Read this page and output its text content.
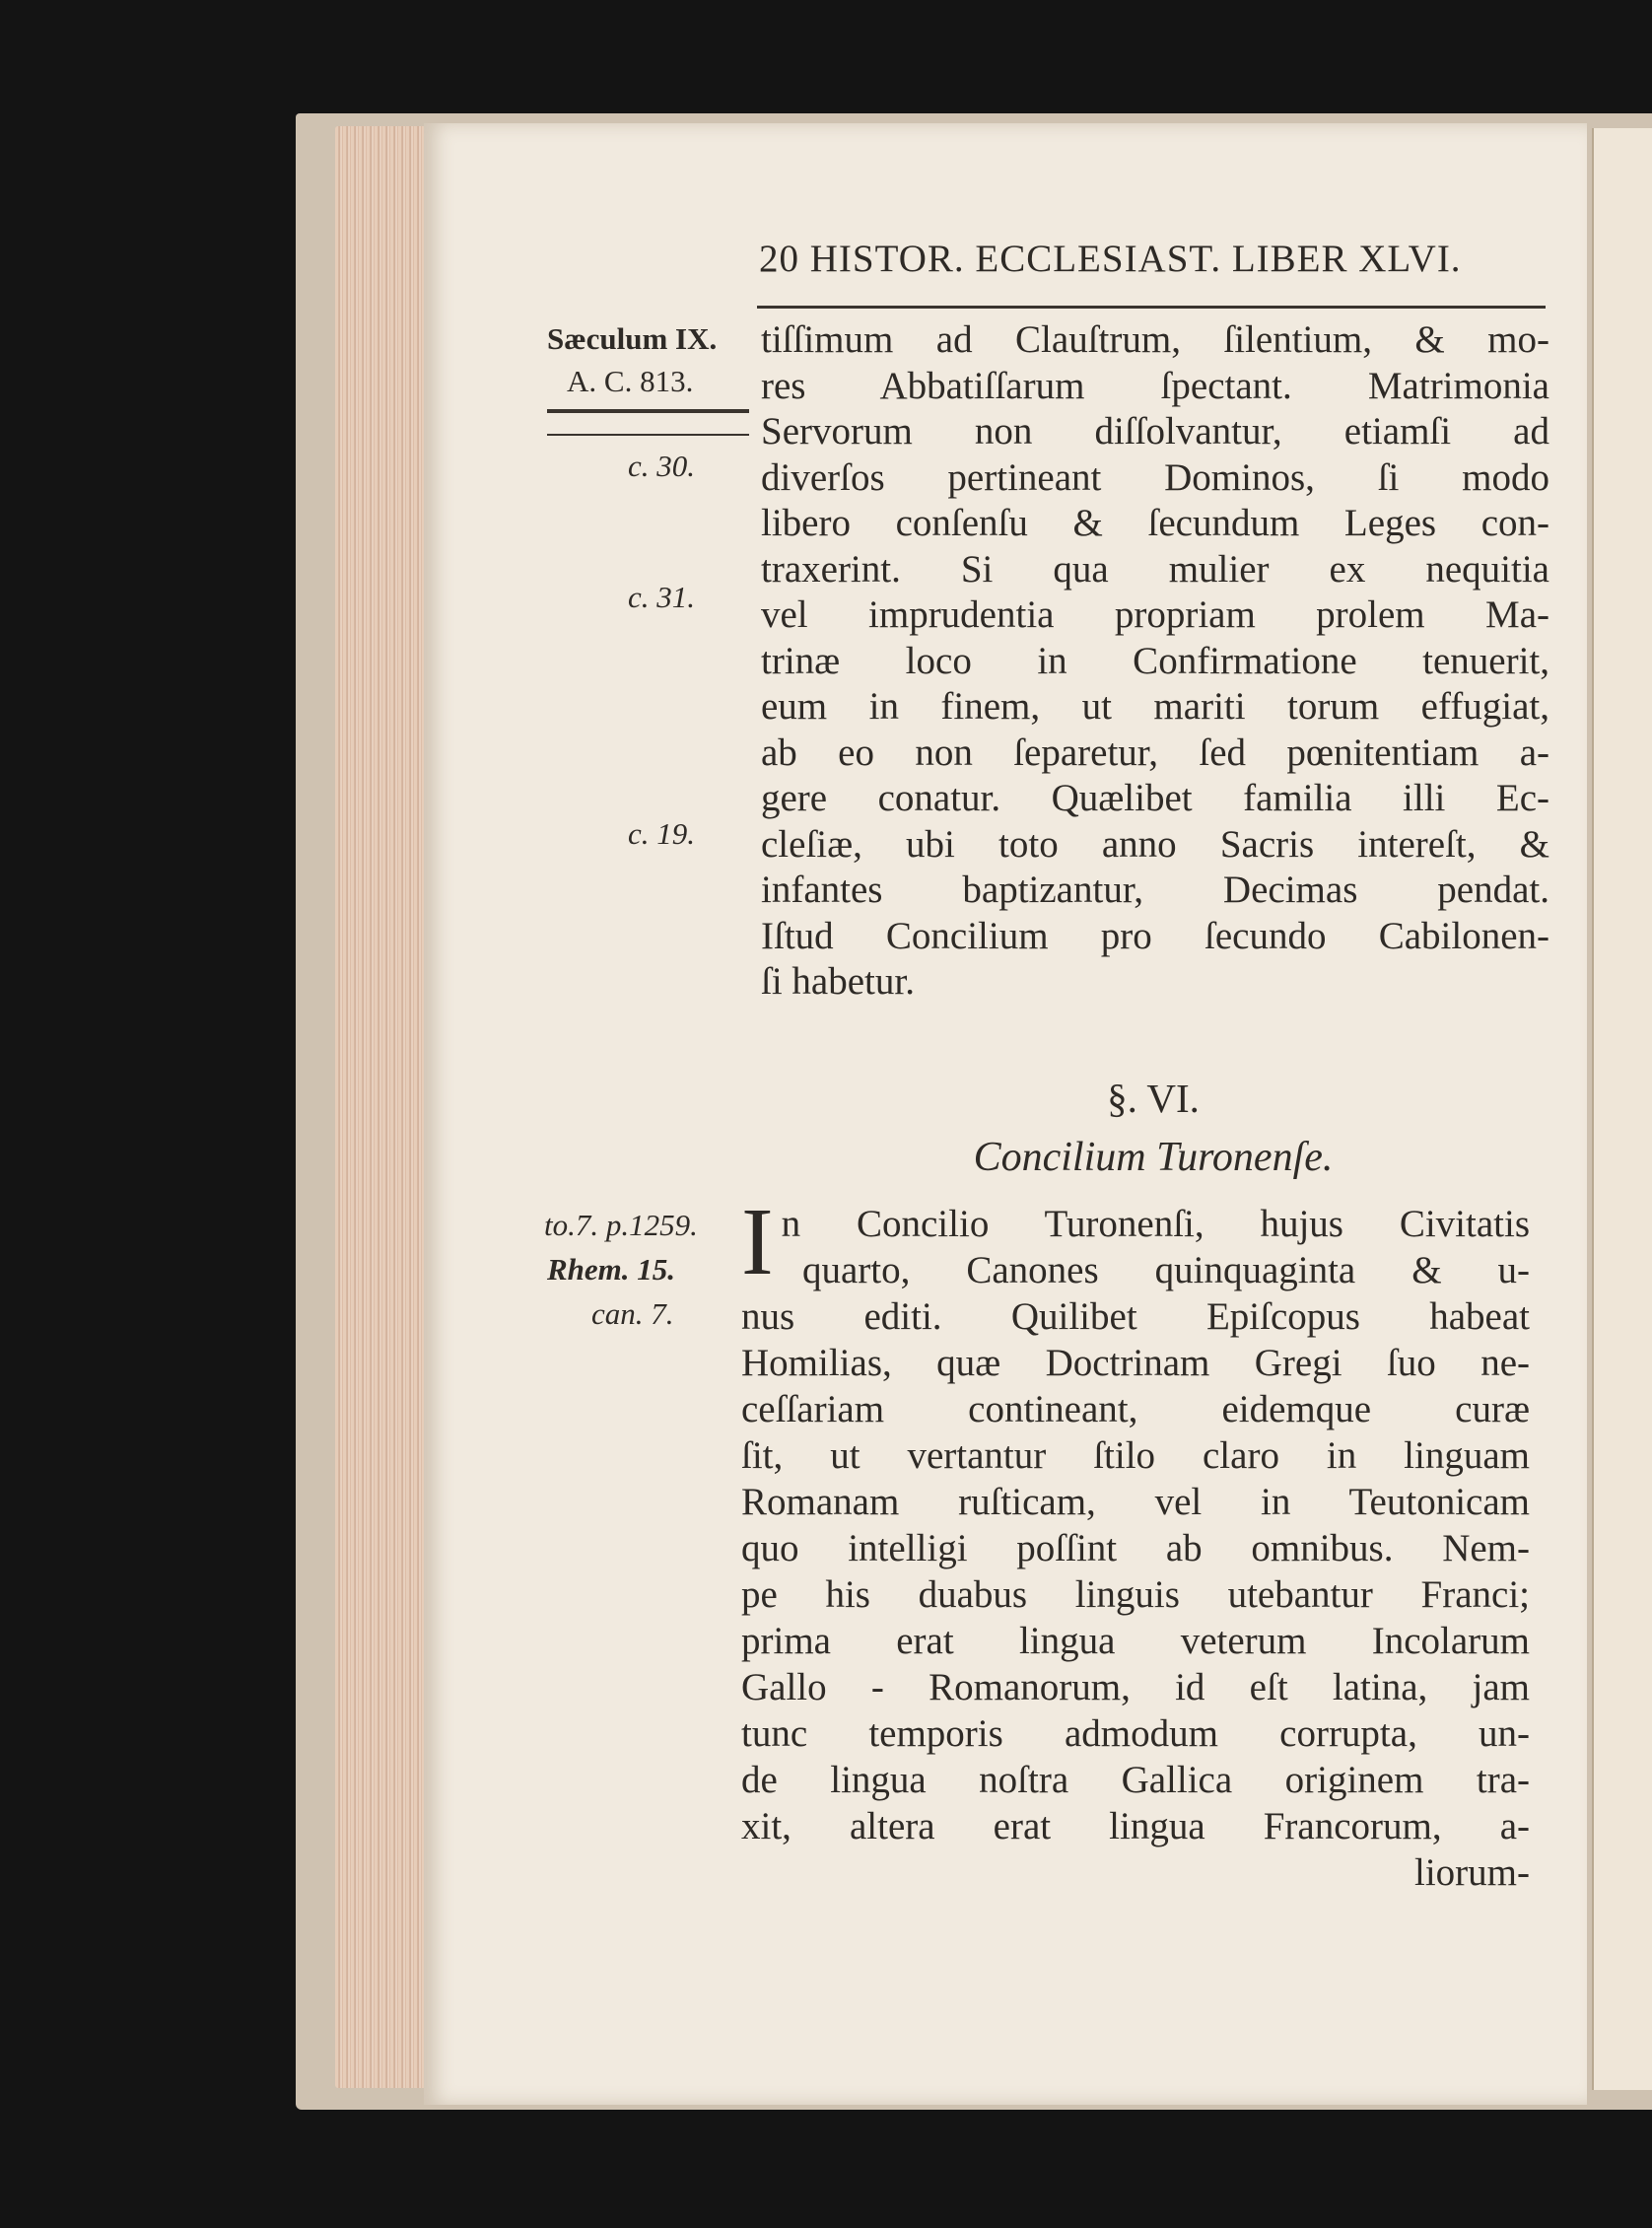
20 HISTOR. ECCLESIAST. LIBER XLVI.
Sæculum IX.
A. C. 813.
c. 30.
c. 31.
c. 19.
to.7. p.1259.
Rhem. 15.
can. 7.
tiſſimum ad Clauſtrum, ſilentium, & mo-
res Abbatiſſarum ſpectant. Matrimonia
Servorum non diſſolvantur, etiamſi ad
diverſos pertineant Dominos, ſi modo
libero conſenſu & ſecundum Leges con-
traxerint. Si qua mulier ex nequitia
vel imprudentia propriam prolem Ma-
trinæ loco in Confirmatione tenuerit,
eum in finem, ut mariti torum effugiat,
ab eo non ſeparetur, ſed pœnitentiam a-
gere conatur. Quælibet familia illi Ec-
cleſiæ, ubi toto anno Sacris intereſt, &
infantes baptizantur, Decimas pendat.
Iſtud Concilium pro ſecundo Cabilonen-
ſi habetur.
§. VI.
Concilium Turonenſe.
I n Concilio Turonenſi, hujus Civitatis
quarto, Canones quinquaginta & u-
nus editi. Quilibet Epiſcopus habeat
Homilias, quæ Doctrinam Gregi ſuo ne-
ceſſariam contineant, eidemque curæ
ſit, ut vertantur ſtilo claro in linguam
Romanam ruſticam, vel in Teutonicam
quo intelligi poſſint ab omnibus. Nem-
pe his duabus linguis utebantur Franci;
prima erat lingua veterum Incolarum
Gallo - Romanorum, id eſt latina, jam
tunc temporis admodum corrupta, un-
de lingua noſtra Gallica originem tra-
xit, altera erat lingua Francorum, a-
liorum-
